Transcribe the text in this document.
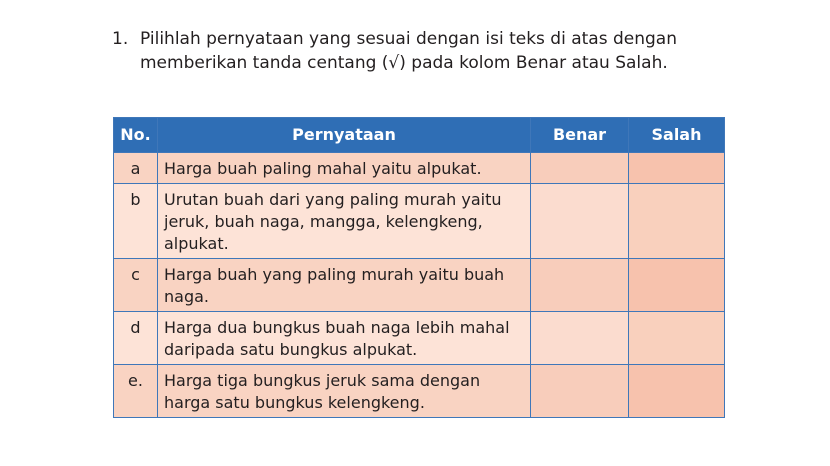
1. Pilihlah pernyataan yang sesuai dengan isi teks di atas dengan memberikan tanda centang (√) pada kolom Benar atau Salah.
No.	Pernyataan	Benar	Salah
a	Harga buah paling mahal yaitu alpukat.		
b	Urutan buah dari yang paling murah yaitu jeruk, buah naga, mangga, kelengkeng, alpukat.		
c	Harga buah yang paling murah yaitu buah naga.		
d	Harga dua bungkus buah naga lebih mahal daripada satu bungkus alpukat.		
e.	Harga tiga bungkus jeruk sama dengan harga satu bungkus kelengkeng.		
